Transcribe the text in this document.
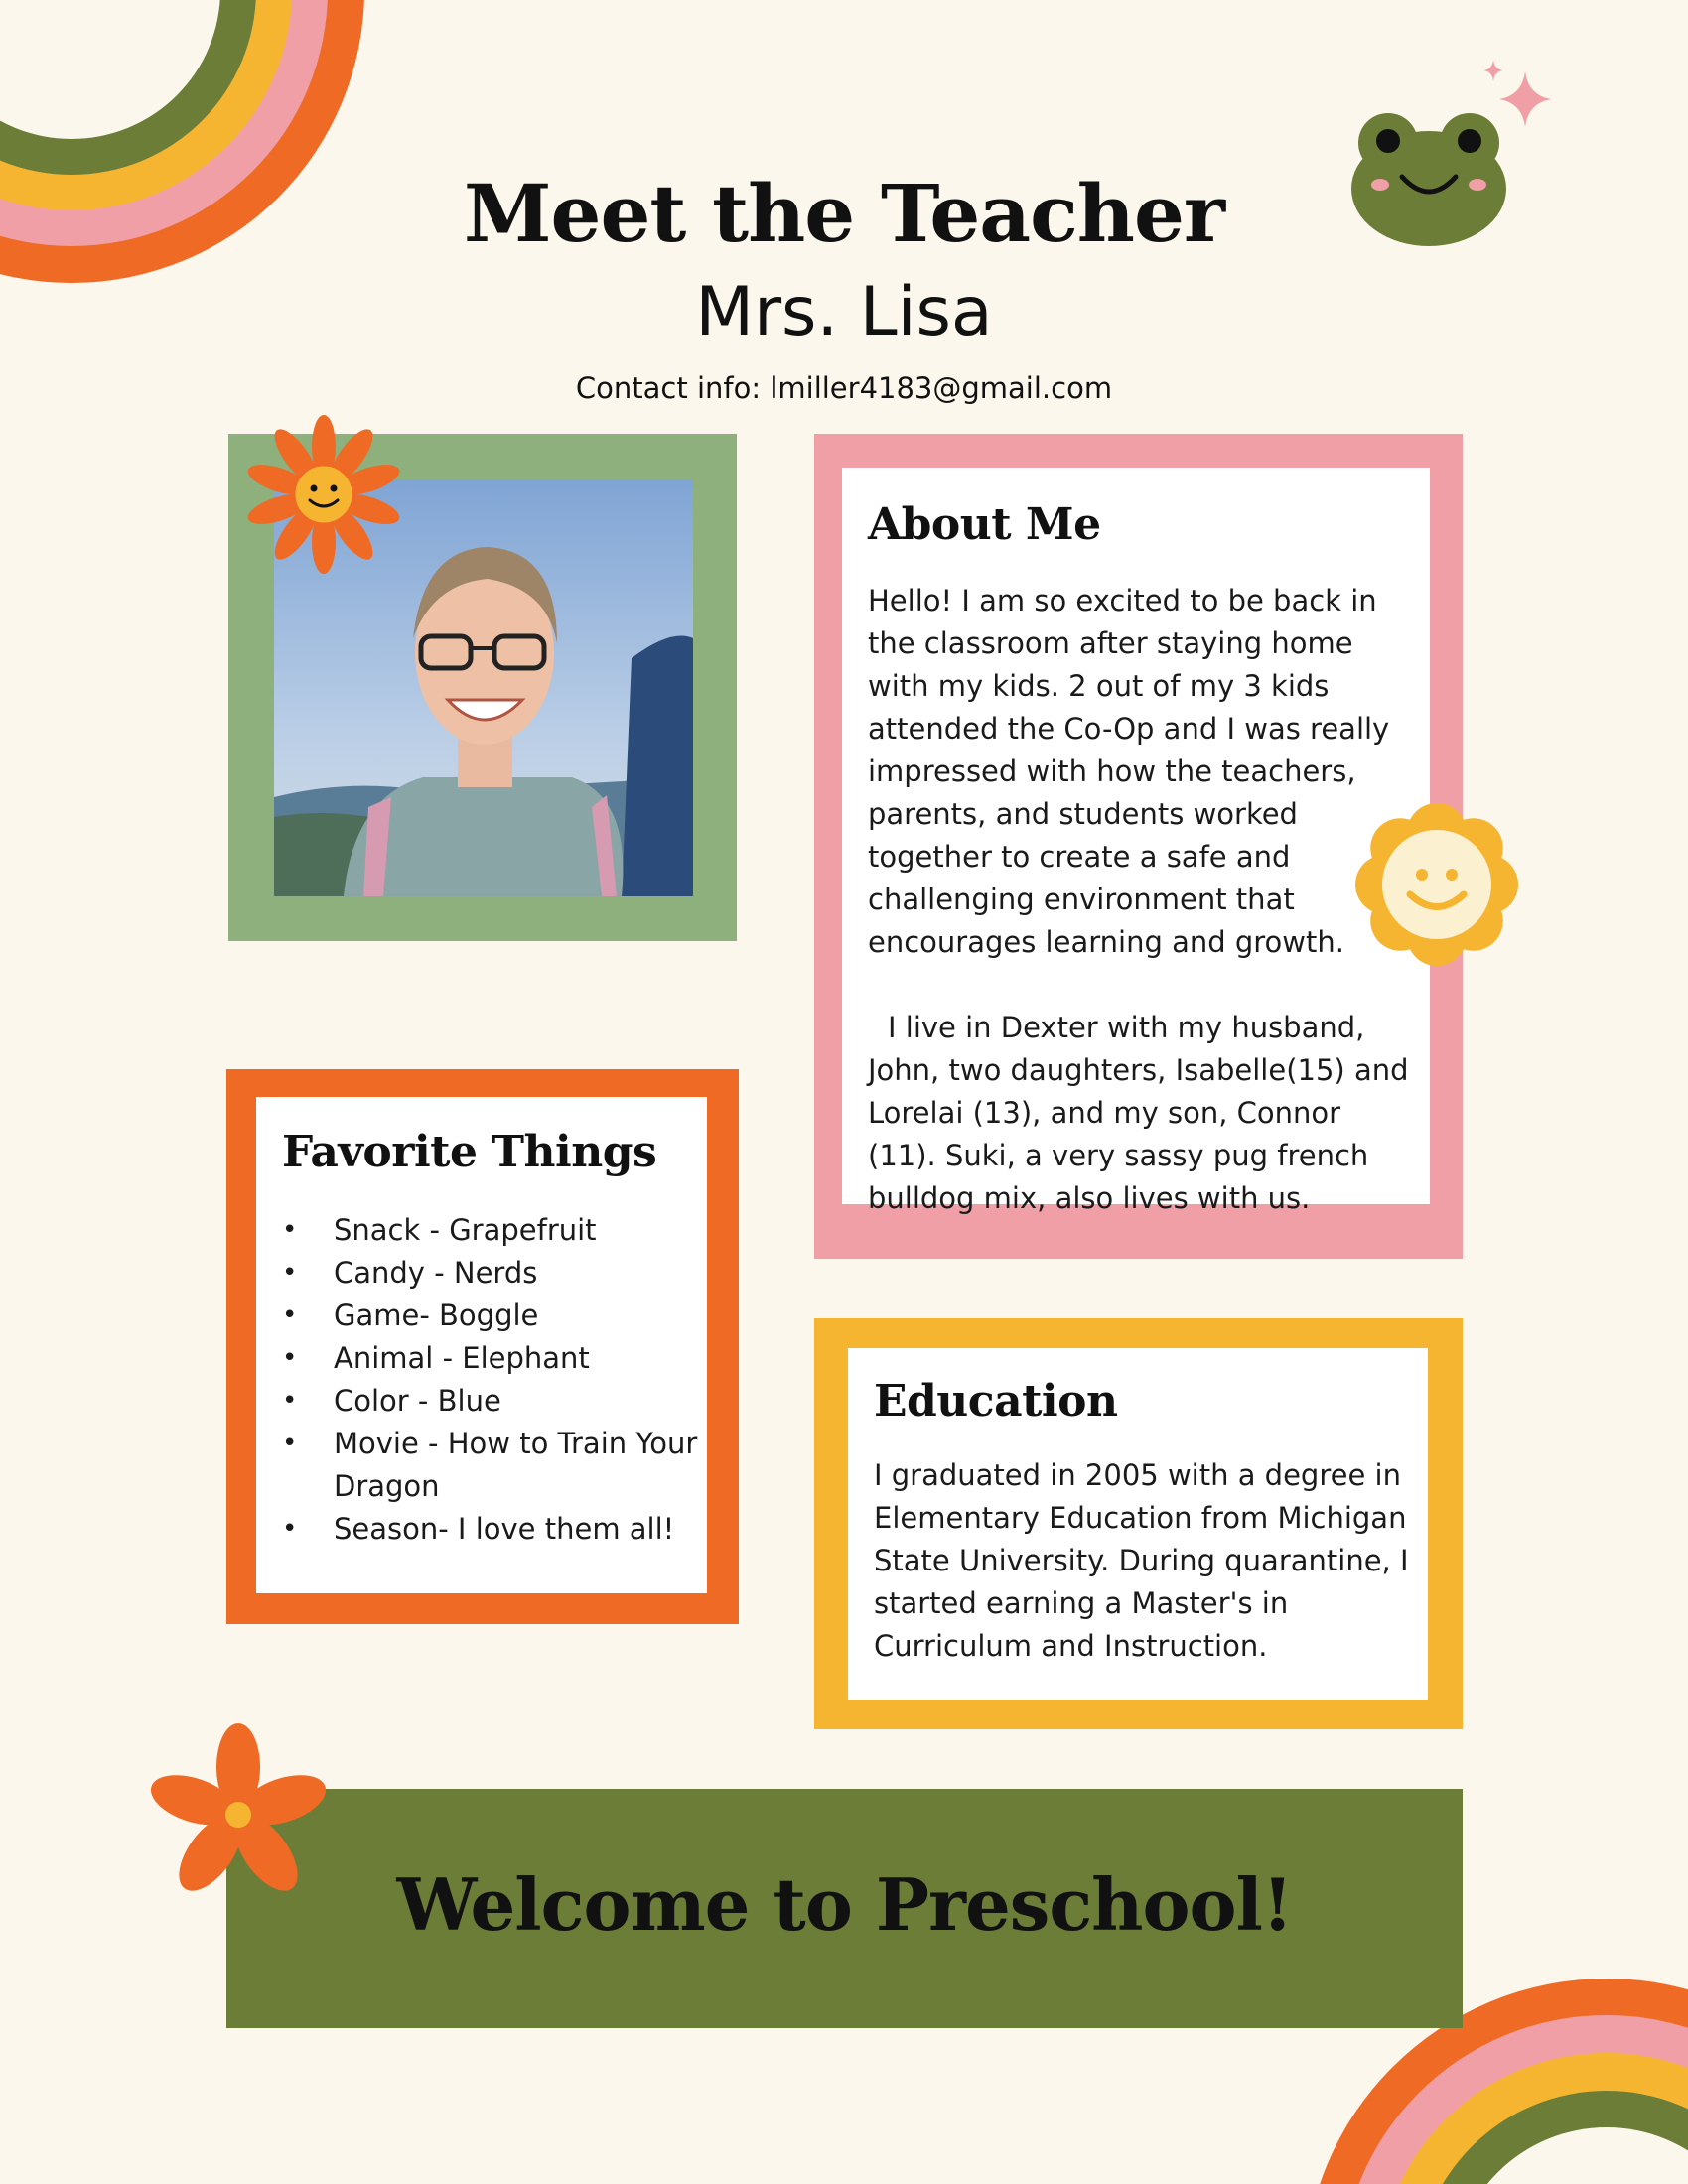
Meet the Teacher
Mrs. Lisa
Contact info: lmiller4183@gmail.com
About Me

Hello! I am so excited to be back in the classroom after staying home with my kids. 2 out of my 3 kids attended the Co-Op and I was really impressed with how the teachers, parents, and students worked together to create a safe and challenging environment that encourages learning and growth.

I live in Dexter with my husband, John, two daughters, Isabelle(15) and Lorelai (13), and my son, Connor (11). Suki, a very sassy pug french bulldog mix, also lives with us.

Favorite Things
• Snack - Grapefruit
• Candy - Nerds
• Game- Boggle
• Animal - Elephant
• Color - Blue
• Movie - How to Train Your Dragon
• Season- I love them all!
Education

I graduated in 2005 with a degree in Elementary Education from Michigan State University. During quarantine, I started earning a Master's in Curriculum and Instruction.

Welcome to Preschool!
